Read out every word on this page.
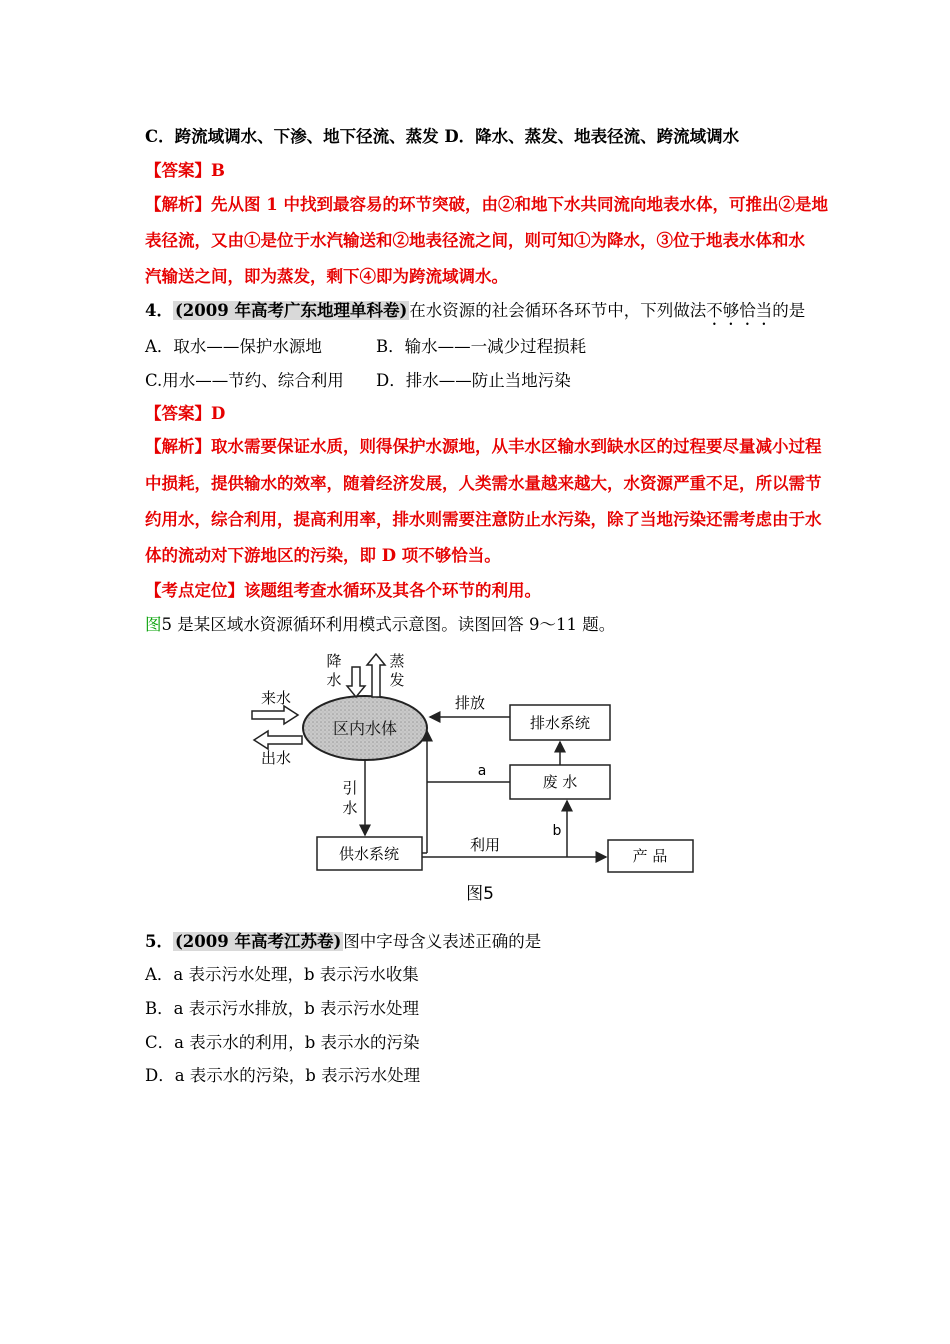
C．跨流域调水、下渗、地下径流、蒸发 D．降水、蒸发、地表径流、跨流域调水
【答案】B
【解析】先从图 1 中找到最容易的环节突破，由②和地下水共同流向地表水体，可推出②是地
表径流，又由①是位于水汽输送和②地表径流之间，则可知①为降水，③位于地表水体和水
汽输送之间，即为蒸发，剩下④即为跨流域调水。
4． (2009 年高考广东地理单科卷) 在水资源的社会循环各环节中，下列做法不够恰当的是
A．取水——保护水源地	B．输水——一减少过程损耗
C.用水——节约、综合利用 D．排水——防止当地污染
【答案】D
【解析】取水需要保证水质，则得保护水源地，从丰水区输水到缺水区的过程要尽量减小过程
中损耗，提供输水的效率，随着经济发展，人类需水量越来越大，水资源严重不足，所以需节
约用水，综合利用，提高利用率，排水则需要注意防止水污染，除了当地污染还需考虑由于水
体的流动对下游地区的污染，即 D 项不够恰当。
【考点定位】该题组考查水循环及其各个环节的利用。
图5 是某区域水资源循环利用模式示意图。读图回答 9～11 题。
区内水体
降
水
蒸
发
来水
出水
排水系统
排放
废 水
a
引
水
供水系统	利用
b
产 品
图5
5． (2009 年高考江苏卷) 图中字母含义表述正确的是
A．a 表示污水处理，b 表示污水收集
B．a 表示污水排放，b 表示污水处理
C．a 表示水的利用，b 表示水的污染
D．a 表示水的污染，b 表示污水处理
